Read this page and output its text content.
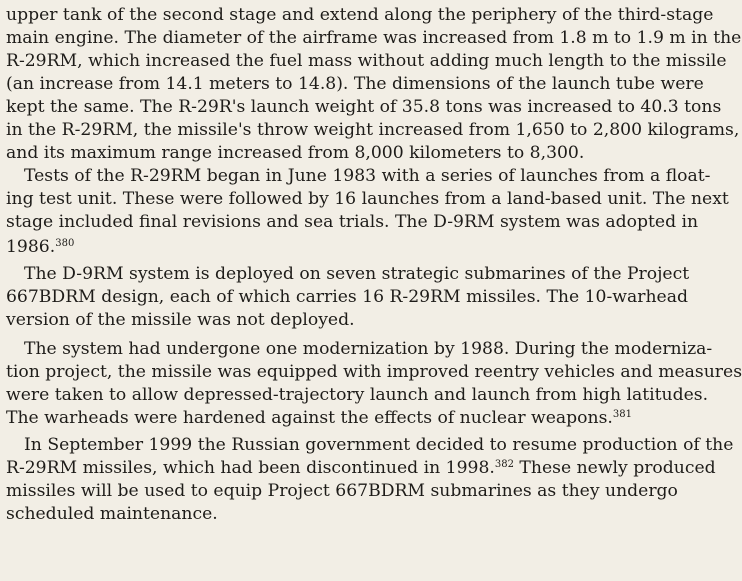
upper tank of the second stage and extend along the periphery of the third-stage

main engine. The diameter of the airframe was increased from 1.8 m to 1.9 m in the

R-29RM, which increased the fuel mass without adding much length to the missile

(an increase from 14.1 meters to 14.8). The dimensions of the launch tube were

kept the same. The R-29R's launch weight of 35.8 tons was increased to 40.3 tons

in the R-29RM, the missile's throw weight increased from 1,650 to 2,800 kilograms,

and its maximum range increased from 8,000 kilometers to 8,300.

Tests of the R-29RM began in June 1983 with a series of launches from a float-

ing test unit. These were followed by 16 launches from a land-based unit. The next

stage included final revisions and sea trials. The D-9RM system was adopted in

1986.$^{380}$

The D-9RM system is deployed on seven strategic submarines of the Project

667BDRM design, each of which carries 16 R-29RM missiles. The 10-warhead

version of the missile was not deployed.

The system had undergone one modernization by 1988. During the moderniza-

tion project, the missile was equipped with improved reentry vehicles and measures

were taken to allow depressed-trajectory launch and launch from high latitudes.

The warheads were hardened against the effects of nuclear weapons.$^{381}$

In September 1999 the Russian government decided to resume production of the

R-29RM missiles, which had been discontinued in 1998.$^{382}$ These newly produced

missiles will be used to equip Project 667BDRM submarines as they undergo

scheduled maintenance.
